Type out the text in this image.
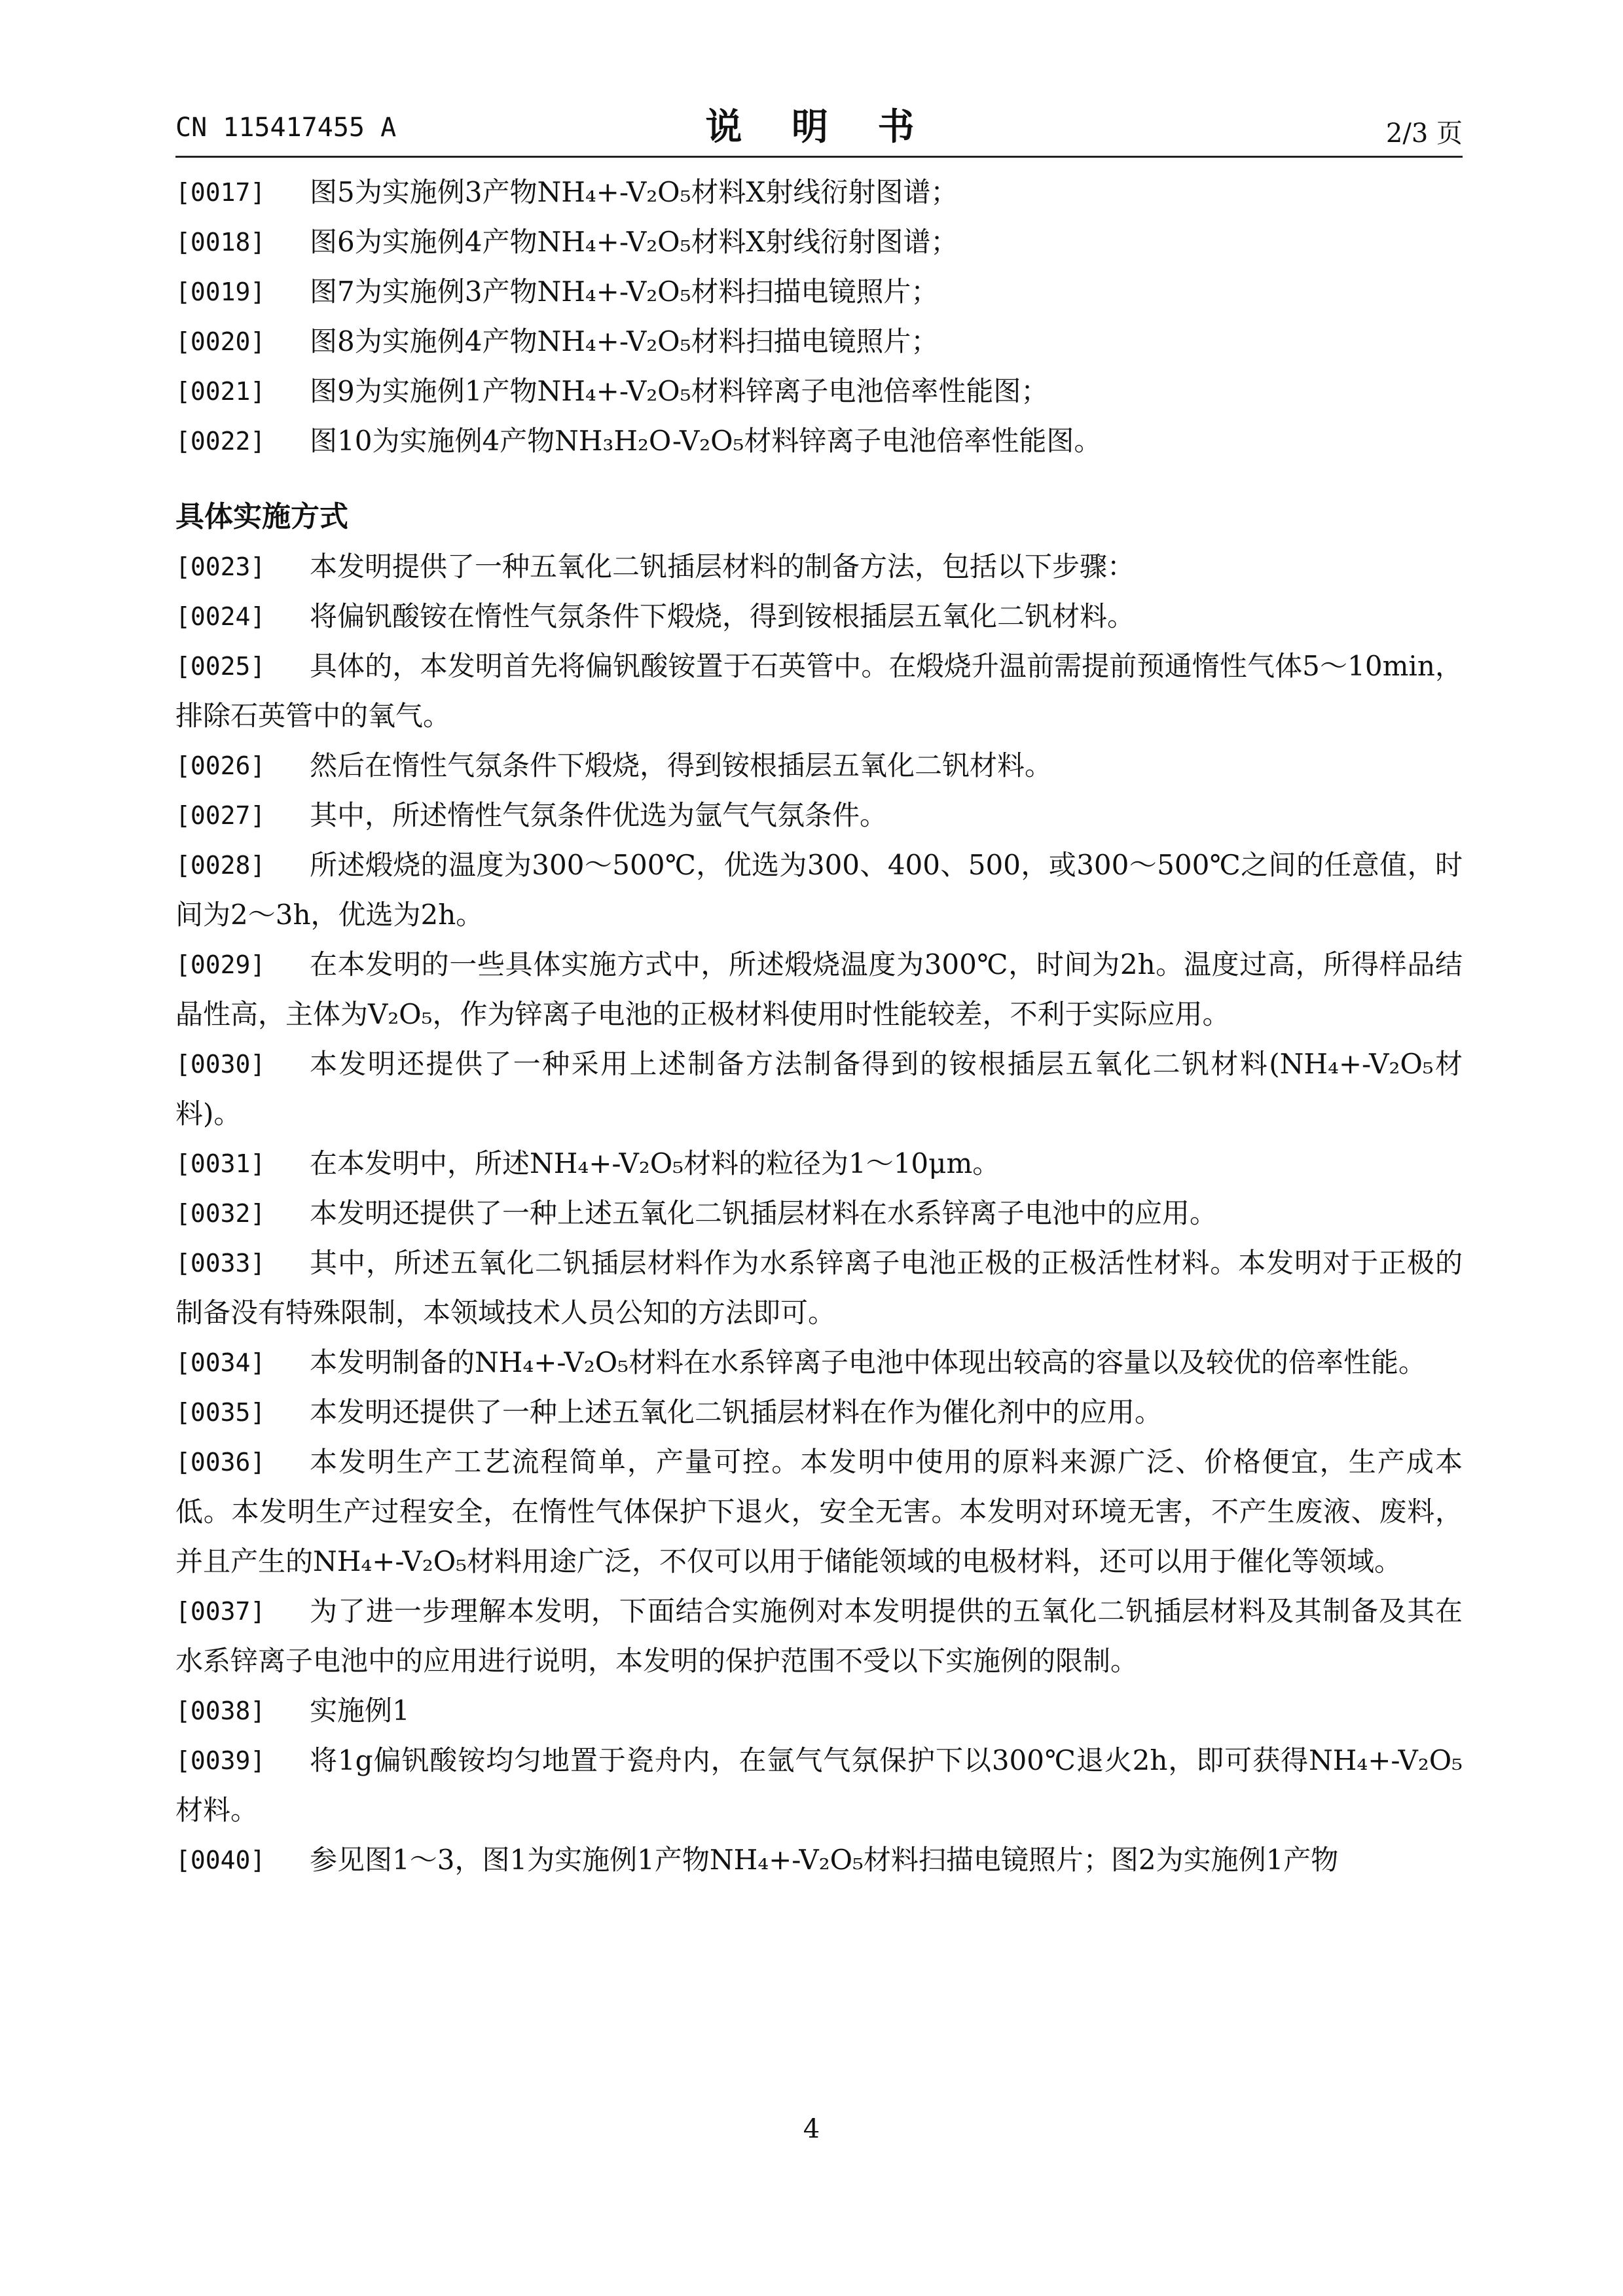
CN 115417455 A	说 明 书	2/3 页
[0017]	图5为实施例3产物NH₄+-V₂O₅材料X射线衍射图谱；
[0018]	图6为实施例4产物NH₄+-V₂O₅材料X射线衍射图谱；
[0019]	图7为实施例3产物NH₄+-V₂O₅材料扫描电镜照片；
[0020]	图8为实施例4产物NH₄+-V₂O₅材料扫描电镜照片；
[0021]	图9为实施例1产物NH₄+-V₂O₅材料锌离子电池倍率性能图；
[0022]	图10为实施例4产物NH₃H₂O-V₂O₅材料锌离子电池倍率性能图。
具体实施方式
[0023]	本发明提供了一种五氧化二钒插层材料的制备方法，包括以下步骤：
[0024]	将偏钒酸铵在惰性气氛条件下煅烧，得到铵根插层五氧化二钒材料。
[0025]	具体的，本发明首先将偏钒酸铵置于石英管中。在煅烧升温前需提前预通惰性气体5～10min，排除石英管中的氧气。
[0026]	然后在惰性气氛条件下煅烧，得到铵根插层五氧化二钒材料。
[0027]	其中，所述惰性气氛条件优选为氩气气氛条件。
[0028]	所述煅烧的温度为300～500℃，优选为300、400、500，或300～500℃之间的任意值，时间为2～3h，优选为2h。
[0029]	在本发明的一些具体实施方式中，所述煅烧温度为300℃，时间为2h。温度过高，所得样品结晶性高，主体为V₂O₅，作为锌离子电池的正极材料使用时性能较差，不利于实际应用。
[0030]	本发明还提供了一种采用上述制备方法制备得到的铵根插层五氧化二钒材料(NH₄+-V₂O₅材料)。
[0031]	在本发明中，所述NH₄+-V₂O₅材料的粒径为1～10μm。
[0032]	本发明还提供了一种上述五氧化二钒插层材料在水系锌离子电池中的应用。
[0033]	其中，所述五氧化二钒插层材料作为水系锌离子电池正极的正极活性材料。本发明对于正极的制备没有特殊限制，本领域技术人员公知的方法即可。
[0034]	本发明制备的NH₄+-V₂O₅材料在水系锌离子电池中体现出较高的容量以及较优的倍率性能。
[0035]	本发明还提供了一种上述五氧化二钒插层材料在作为催化剂中的应用。
[0036]	本发明生产工艺流程简单，产量可控。本发明中使用的原料来源广泛、价格便宜，生产成本低。本发明生产过程安全，在惰性气体保护下退火，安全无害。本发明对环境无害，不产生废液、废料，并且产生的NH₄+-V₂O₅材料用途广泛，不仅可以用于储能领域的电极材料，还可以用于催化等领域。
[0037]	为了进一步理解本发明，下面结合实施例对本发明提供的五氧化二钒插层材料及其制备及其在水系锌离子电池中的应用进行说明，本发明的保护范围不受以下实施例的限制。
[0038]	实施例1
[0039]	将1g偏钒酸铵均匀地置于瓷舟内，在氩气气氛保护下以300℃退火2h，即可获得NH₄+-V₂O₅材料。
[0040]	参见图1～3，图1为实施例1产物NH₄+-V₂O₅材料扫描电镜照片；图2为实施例1产物
4
